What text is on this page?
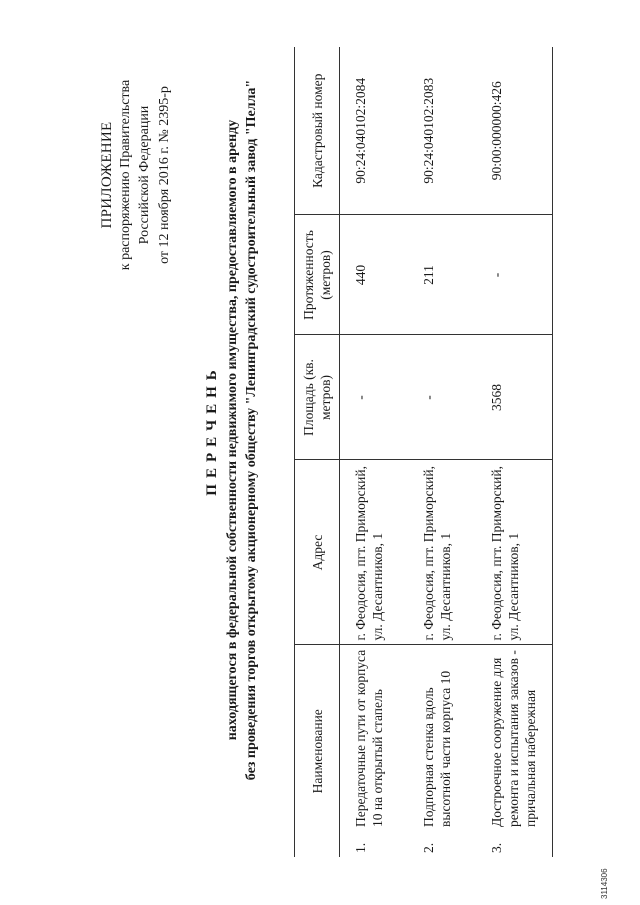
ПРИЛОЖЕНИЕ к распоряжению Правительства Российской Федерации от 12 ноября 2016 г. № 2395-р
ПЕРЕЧЕНЬ находящегося в федеральной собственности недвижимого имущества, предоставляемого в аренду без проведения торгов открытому акционерному обществу "Ленинградский судостроительный завод "Пелла"	Наименование	Адрес	Площадь (кв. метров)	Протяженность (метров)	Кадастровый номер

1.
Передаточные пути от корпуса 10 на открытый стапель	г. Феодосия, пгт. Приморский, ул. Десантников, 1	-	440	90:24:040102:2084

2.
Подпорная стенка вдоль высотной части корпуса 10	г. Феодосия, пгт. Приморский, ул. Десантников, 1	-	211	90:24:040102:2083

3.
Достроечное сооружение для ремонта и испытания заказов - причальная набережная	г. Феодосия, пгт. Приморский, ул. Десантников, 1	3568	-	90:00:000000:426
3114306
